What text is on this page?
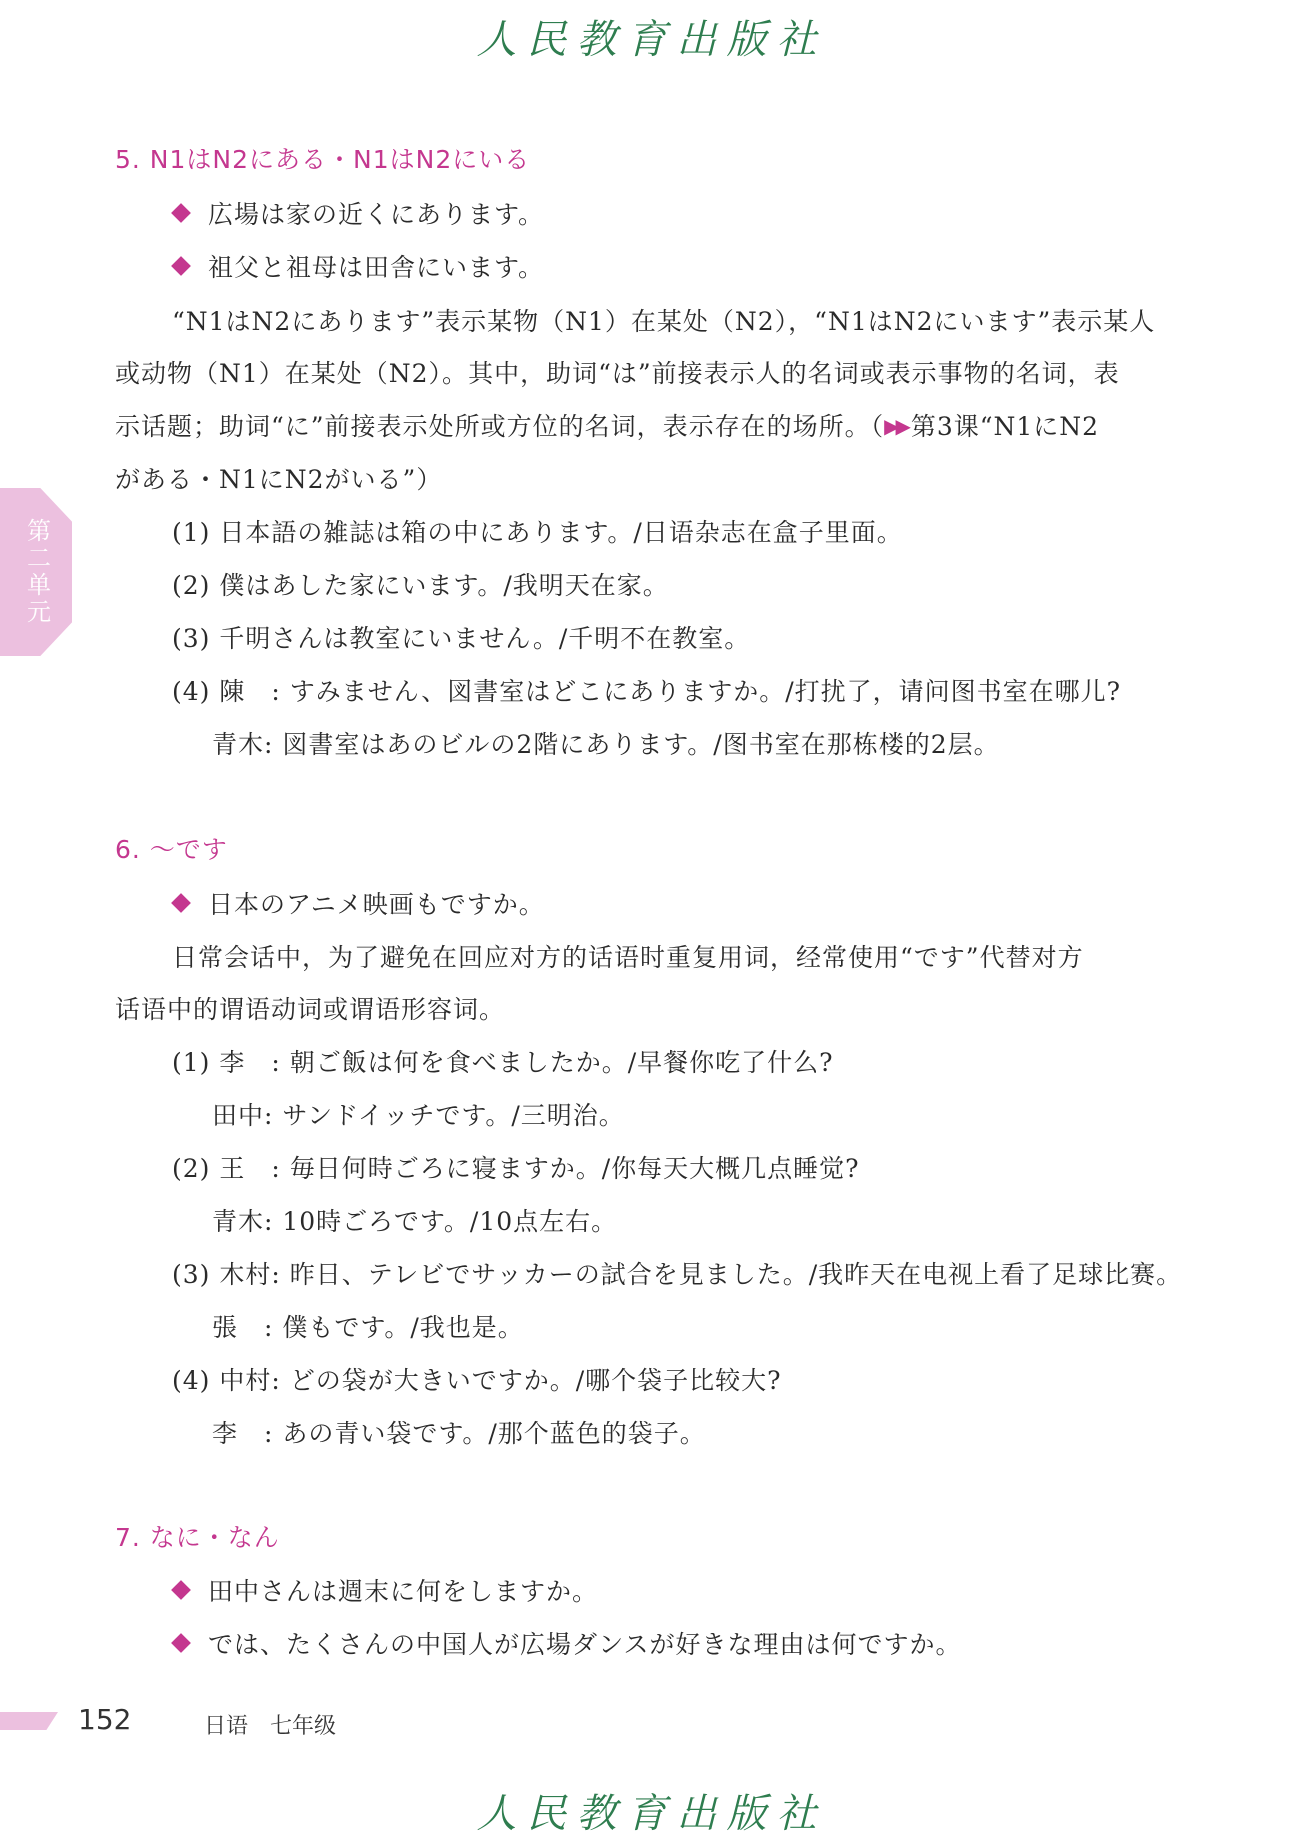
人民教育出版社
第二单元
5. N1はN2にある・N1はN2にいる
広場は家の近くにあります。
祖父と祖母は田舎にいます。
“N1はN2にあります”表示某物（N1）在某处（N2），“N1はN2にいます”表示某人
或动物（N1）在某处（N2）。其中，助词“は”前接表示人的名词或表示事物的名词，表
示话题；助词“に”前接表示处所或方位的名词，表示存在的场所。（▶▶ 第3课“N1にN2
がある・N1にN2がいる”）
(1) 日本語の雑誌は箱の中にあります。/日语杂志在盒子里面。
(2) 僕はあした家にいます。/我明天在家。
(3) 千明さんは教室にいません。/千明不在教室。
(4) 陳　: すみません、図書室はどこにありますか。/打扰了，请问图书室在哪儿?
青木: 図書室はあのビルの2階にあります。/图书室在那栋楼的2层。
6. ～です
日本のアニメ映画もですか。
日常会话中，为了避免在回应对方的话语时重复用词，经常使用“です”代替对方
话语中的谓语动词或谓语形容词。
(1) 李　: 朝ご飯は何を食べましたか。/早餐你吃了什么?
田中: サンドイッチです。/三明治。
(2) 王　: 毎日何時ごろに寝ますか。/你每天大概几点睡觉?
青木: 10時ごろです。/10点左右。
(3) 木村: 昨日、テレビでサッカーの試合を見ました。/我昨天在电视上看了足球比赛。
張　: 僕もです。/我也是。
(4) 中村: どの袋が大きいですか。/哪个袋子比较大?
李　: あの青い袋です。/那个蓝色的袋子。
7. なに・なん
田中さんは週末に何をしますか。
では、たくさんの中国人が広場ダンスが好きな理由は何ですか。
152	日语　七年级
人民教育出版社
